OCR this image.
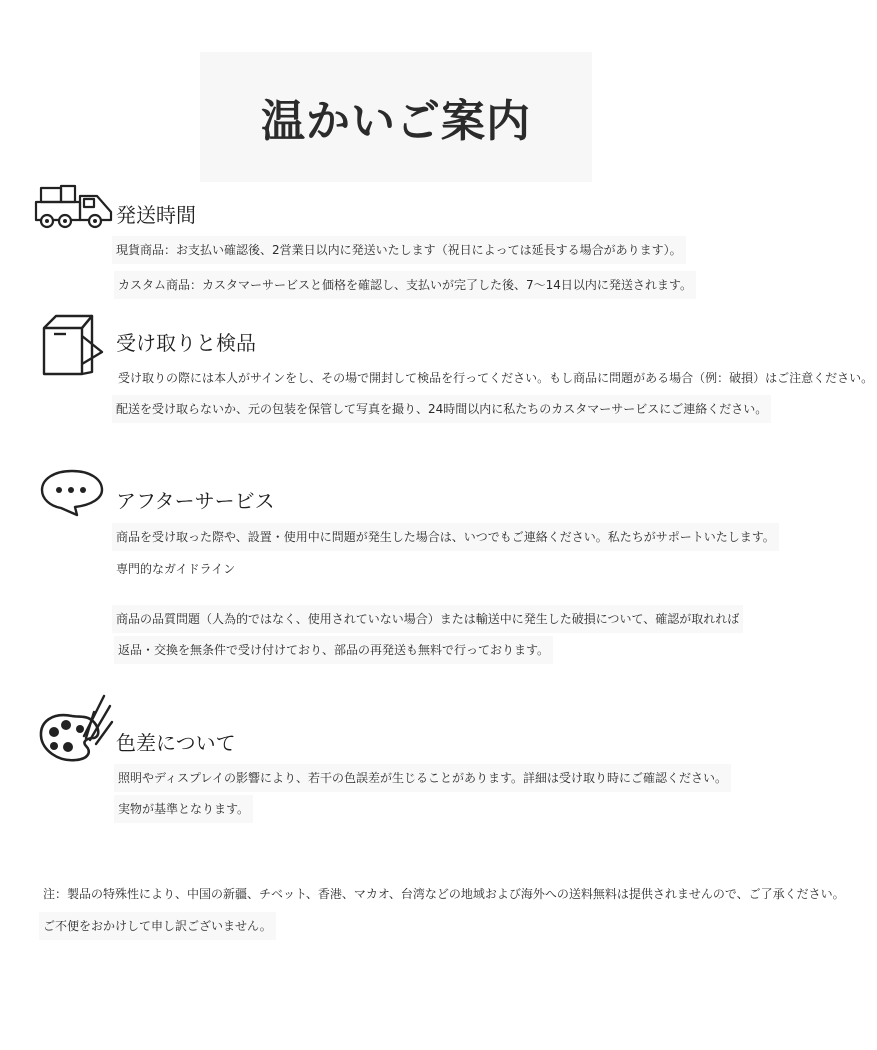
温かいご案内
発送時間
現貨商品：お支払い確認後、2営業日以内に発送いたします（祝日によっては延長する場合があります）。
カスタム商品：カスタマーサービスと価格を確認し、支払いが完了した後、7〜14日以内に発送されます。
受け取りと検品
受け取りの際には本人がサインをし、その場で開封して検品を行ってください。もし商品に問題がある場合（例：破損）はご注意ください。
配送を受け取らないか、元の包装を保管して写真を撮り、24時間以内に私たちのカスタマーサービスにご連絡ください。
アフターサービス
商品を受け取った際や、設置・使用中に問題が発生した場合は、いつでもご連絡ください。私たちがサポートいたします。
専門的なガイドライン
商品の品質問題（人為的ではなく、使用されていない場合）または輸送中に発生した破損について、確認が取れれば
返品・交換を無条件で受け付けており、部品の再発送も無料で行っております。
色差について
照明やディスプレイの影響により、若干の色誤差が生じることがあります。詳細は受け取り時にご確認ください。
実物が基準となります。
注：製品の特殊性により、中国の新疆、チベット、香港、マカオ、台湾などの地域および海外への送料無料は提供されませんので、ご了承ください。
ご不便をおかけして申し訳ございません。
